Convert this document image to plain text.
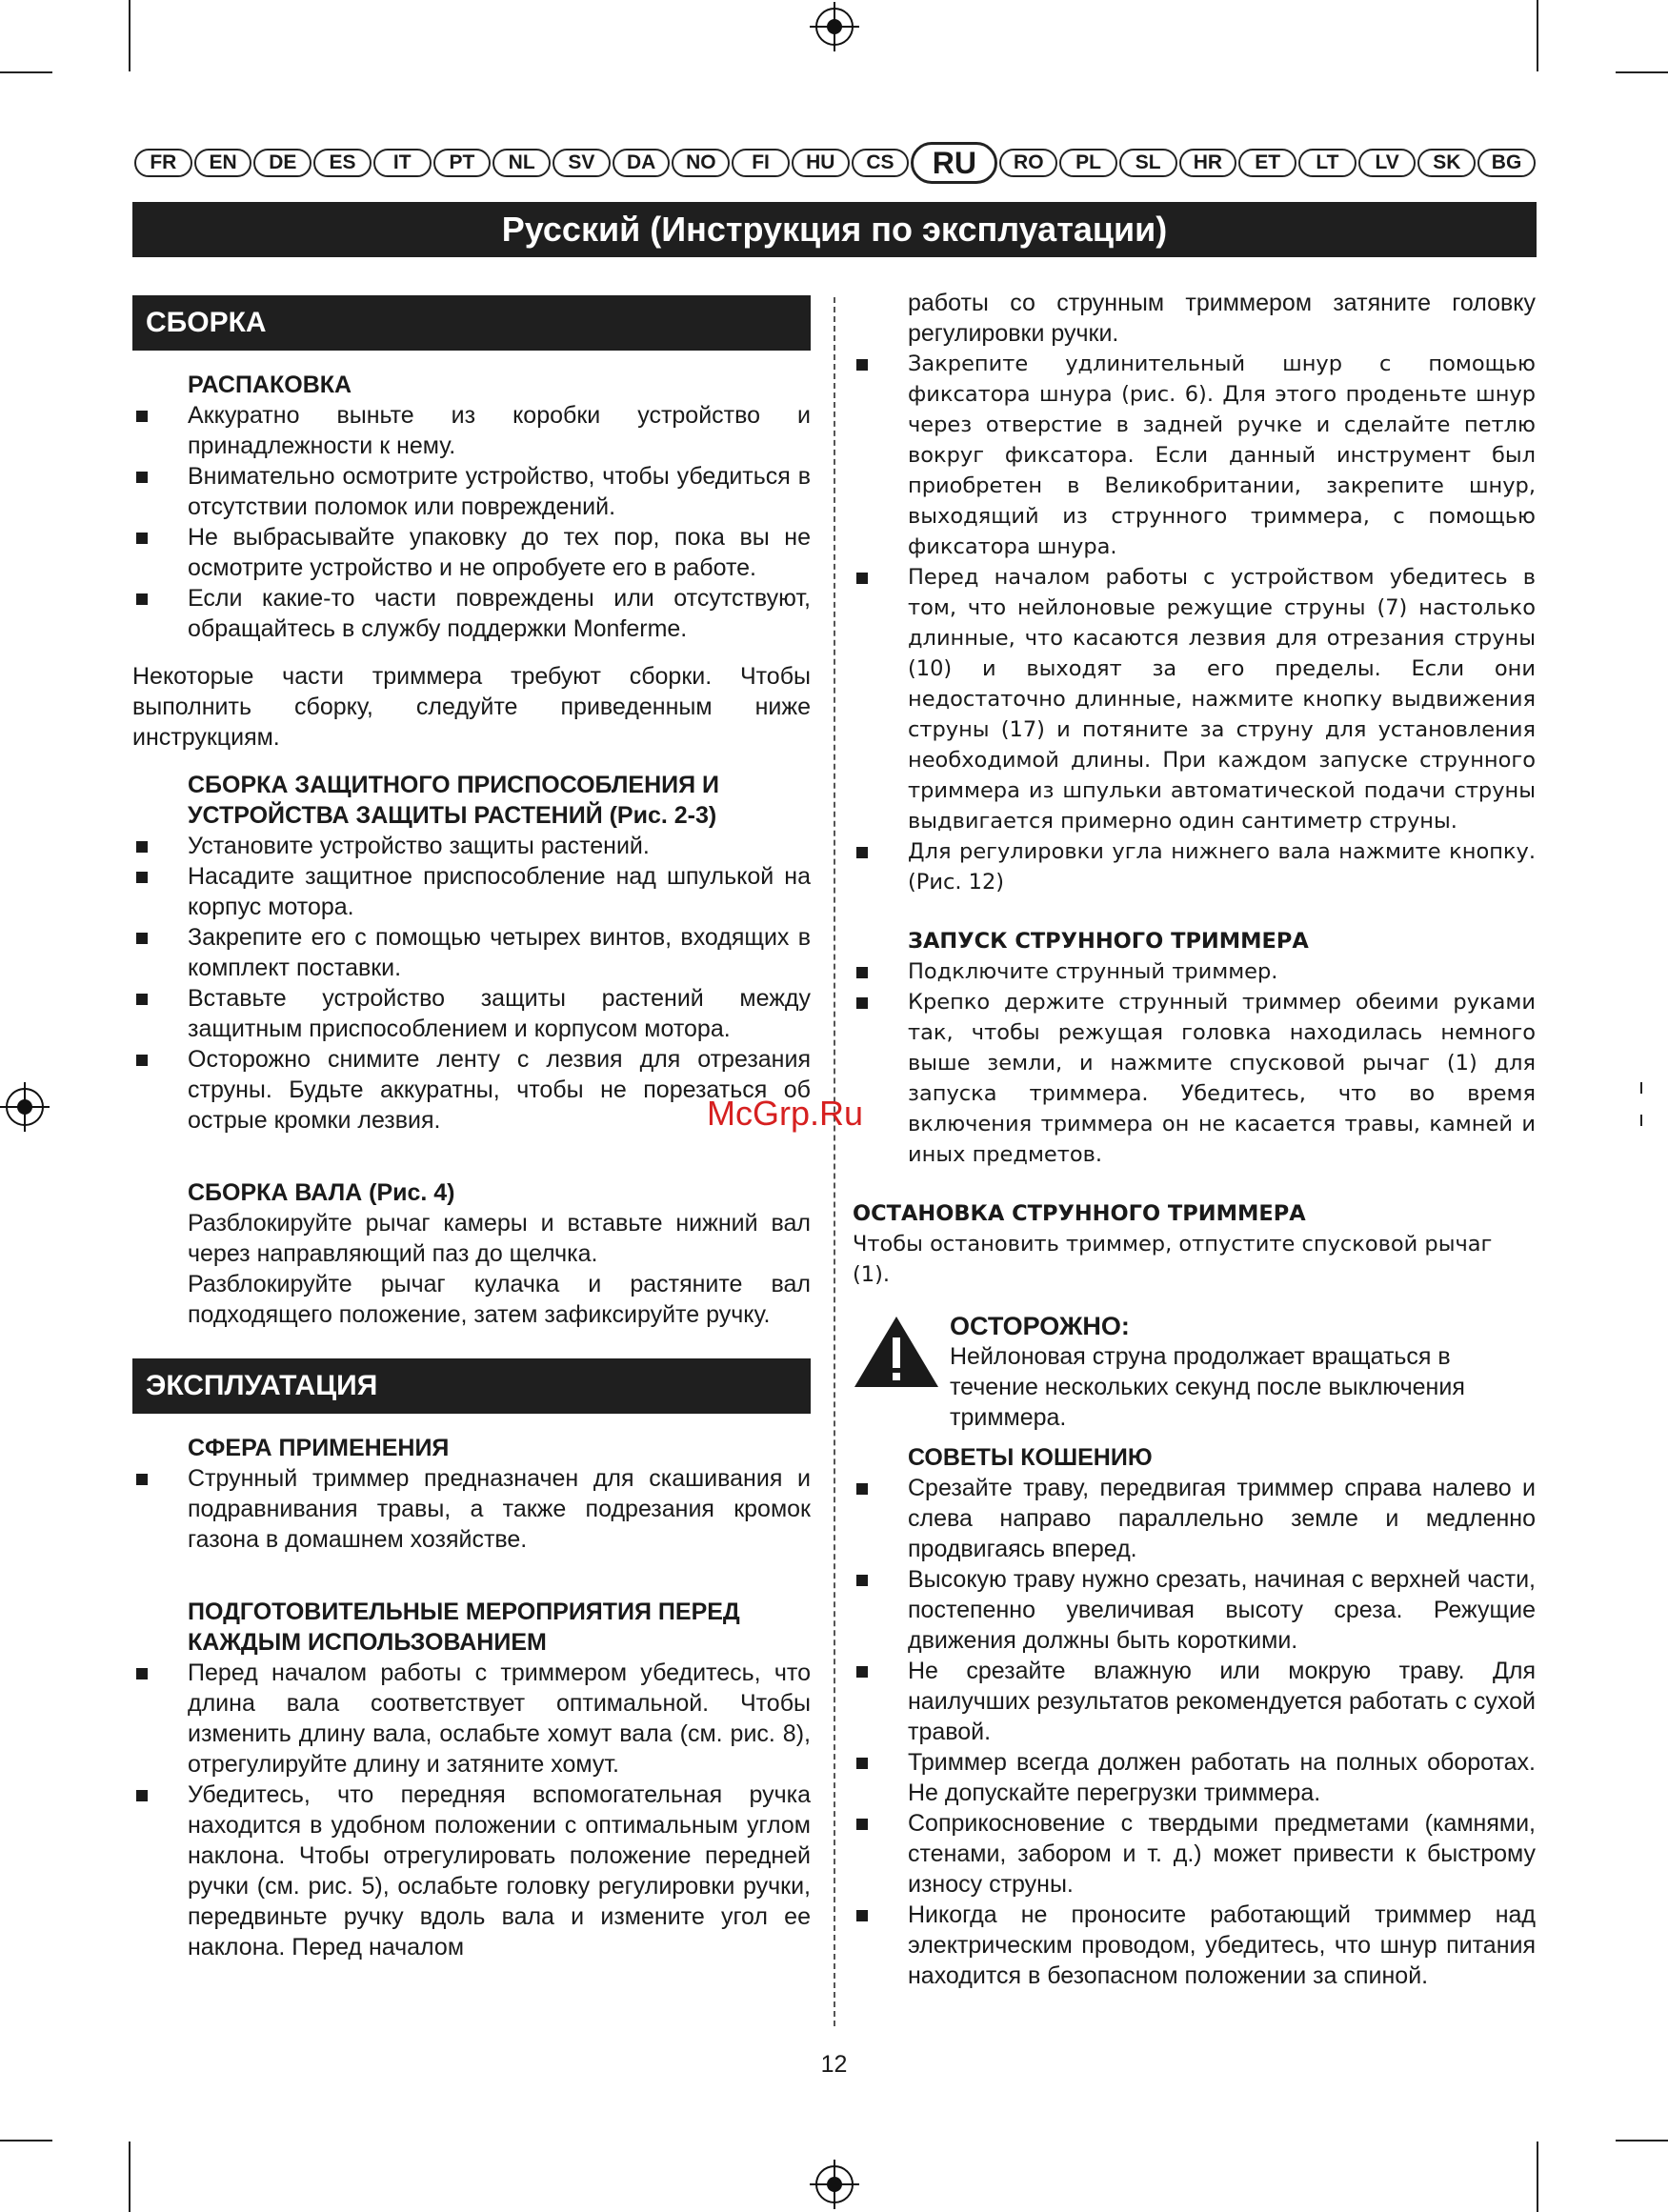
FR	EN	DE	ES	IT	PT	NL	SV	DA	NO	FI	HU	CS	RU	RO	PL	SL	HR	ET	LT	LV	SK	BG
Русский (Инструкция по эксплуатации)
СБОРКА
РАСПАКОВКА
Аккуратно выньте из коробки устройство и принадлежности к нему.
Внимательно осмотрите устройство, чтобы убедиться в отсутствии поломок или повреждений.
Не выбрасывайте упаковку до тех пор, пока вы не осмотрите устройство и не опробуете его в работе.
Если какие-то части повреждены или отсутствуют, обращайтесь в службу поддержки Monferme.

Некоторые части триммера требуют сборки. Чтобы выполнить сборку, следуйте приведенным ниже инструкциям.

СБОРКА ЗАЩИТНОГО ПРИСПОСОБЛЕНИЯ И УСТРОЙСТВА ЗАЩИТЫ РАСТЕНИЙ (Рис. 2-3)
Установите устройство защиты растений.
Насадите защитное приспособление над шпулькой на корпус мотора.
Закрепите его с помощью четырех винтов, входящих в комплект поставки.
Вставьте устройство защиты растений между защитным приспособлением и корпусом мотора.
Осторожно снимите ленту с лезвия для отрезания струны. Будьте аккуратны, чтобы не порезаться об острые кромки лезвия.
СБОРКА ВАЛА (Рис. 4)

Разблокируйте рычаг камеры и вставьте нижний вал через направляющий паз до щелчка.

Разблокируйте рычаг кулачка и растяните вал подходящего положение, затем зафиксируйте ручку.

ЭКСПЛУАТАЦИЯ
СФЕРА ПРИМЕНЕНИЯ
Струнный триммер предназначен для скашивания и подравнивания травы, а также подрезания кромок газона в домашнем хозяйстве.
ПОДГОТОВИТЕЛЬНЫЕ МЕРОПРИЯТИЯ ПЕРЕД КАЖДЫМ ИСПОЛЬЗОВАНИЕМ
Перед началом работы с триммером убедитесь, что длина вала соответствует оптимальной. Чтобы изменить длину вала, ослабьте хомут вала (см. рис. 8), отрегулируйте длину и затяните хомут.
Убедитесь, что передняя вспомогательная ручка находится в удобном положении с оптимальным углом наклона. Чтобы отрегулировать положение передней ручки (см. рис. 5), ослабьте головку регулировки ручки, передвиньте ручку вдоль вала и измените угол ее наклона. Перед началом

работы со струнным триммером затяните головку регулировки ручки.

Закрепите удлинительный шнур с помощью фиксатора шнура (рис. 6). Для этого проденьте шнур через отверстие в задней ручке и сделайте петлю вокруг фиксатора. Если данный инструмент был приобретен в Великобритании, закрепите шнур, выходящий из струнного триммера, с помощью фиксатора шнура.
Перед началом работы с устройством убедитесь в том, что нейлоновые режущие струны (7) настолько длинные, что касаются лезвия для отрезания струны (10) и выходят за его пределы. Если они недостаточно длинные, нажмите кнопку выдвижения струны (17) и потяните за струну для установления необходимой длины. При каждом запуске струнного триммера из шпульки автоматической подачи струны выдвигается примерно один сантиметр струны.
Для регулировки угла нижнего вала нажмите кнопку. (Рис. 12)
ЗАПУСК СТРУННОГО ТРИММЕРА
Подключите струнный триммер.
Крепко держите струнный триммер обеими руками так, чтобы режущая головка находилась немного выше земли, и нажмите спусковой рычаг (1) для запуска триммера. Убедитесь, что во время включения триммера он не касается травы, камней и иных предметов.
ОСТАНОВКА СТРУННОГО ТРИММЕРА
Чтобы остановить триммер, отпустите спусковой рычаг (1).
ОСТОРОЖНО:
Нейлоновая струна продолжает вращаться в течение нескольких секунд после выключения триммера.
СОВЕТЫ КОШЕНИЮ
Срезайте траву, передвигая триммер справа налево и слева направо параллельно земле и медленно продвигаясь вперед.
Высокую траву нужно срезать, начиная с верхней части, постепенно увеличивая высоту среза. Режущие движения должны быть короткими.
Не срезайте влажную или мокрую траву. Для наилучших результатов рекомендуется работать с сухой травой.
Триммер всегда должен работать на полных оборотах. Не допускайте перегрузки триммера.
Соприкосновение с твердыми предметами (камнями, стенами, забором и т. д.) может привести к быстрому износу струны.
Никогда не проносите работающий триммер над электрическим проводом, убедитесь, что шнур питания находится в безопасном положении за спиной.
McGrp.Ru
12
